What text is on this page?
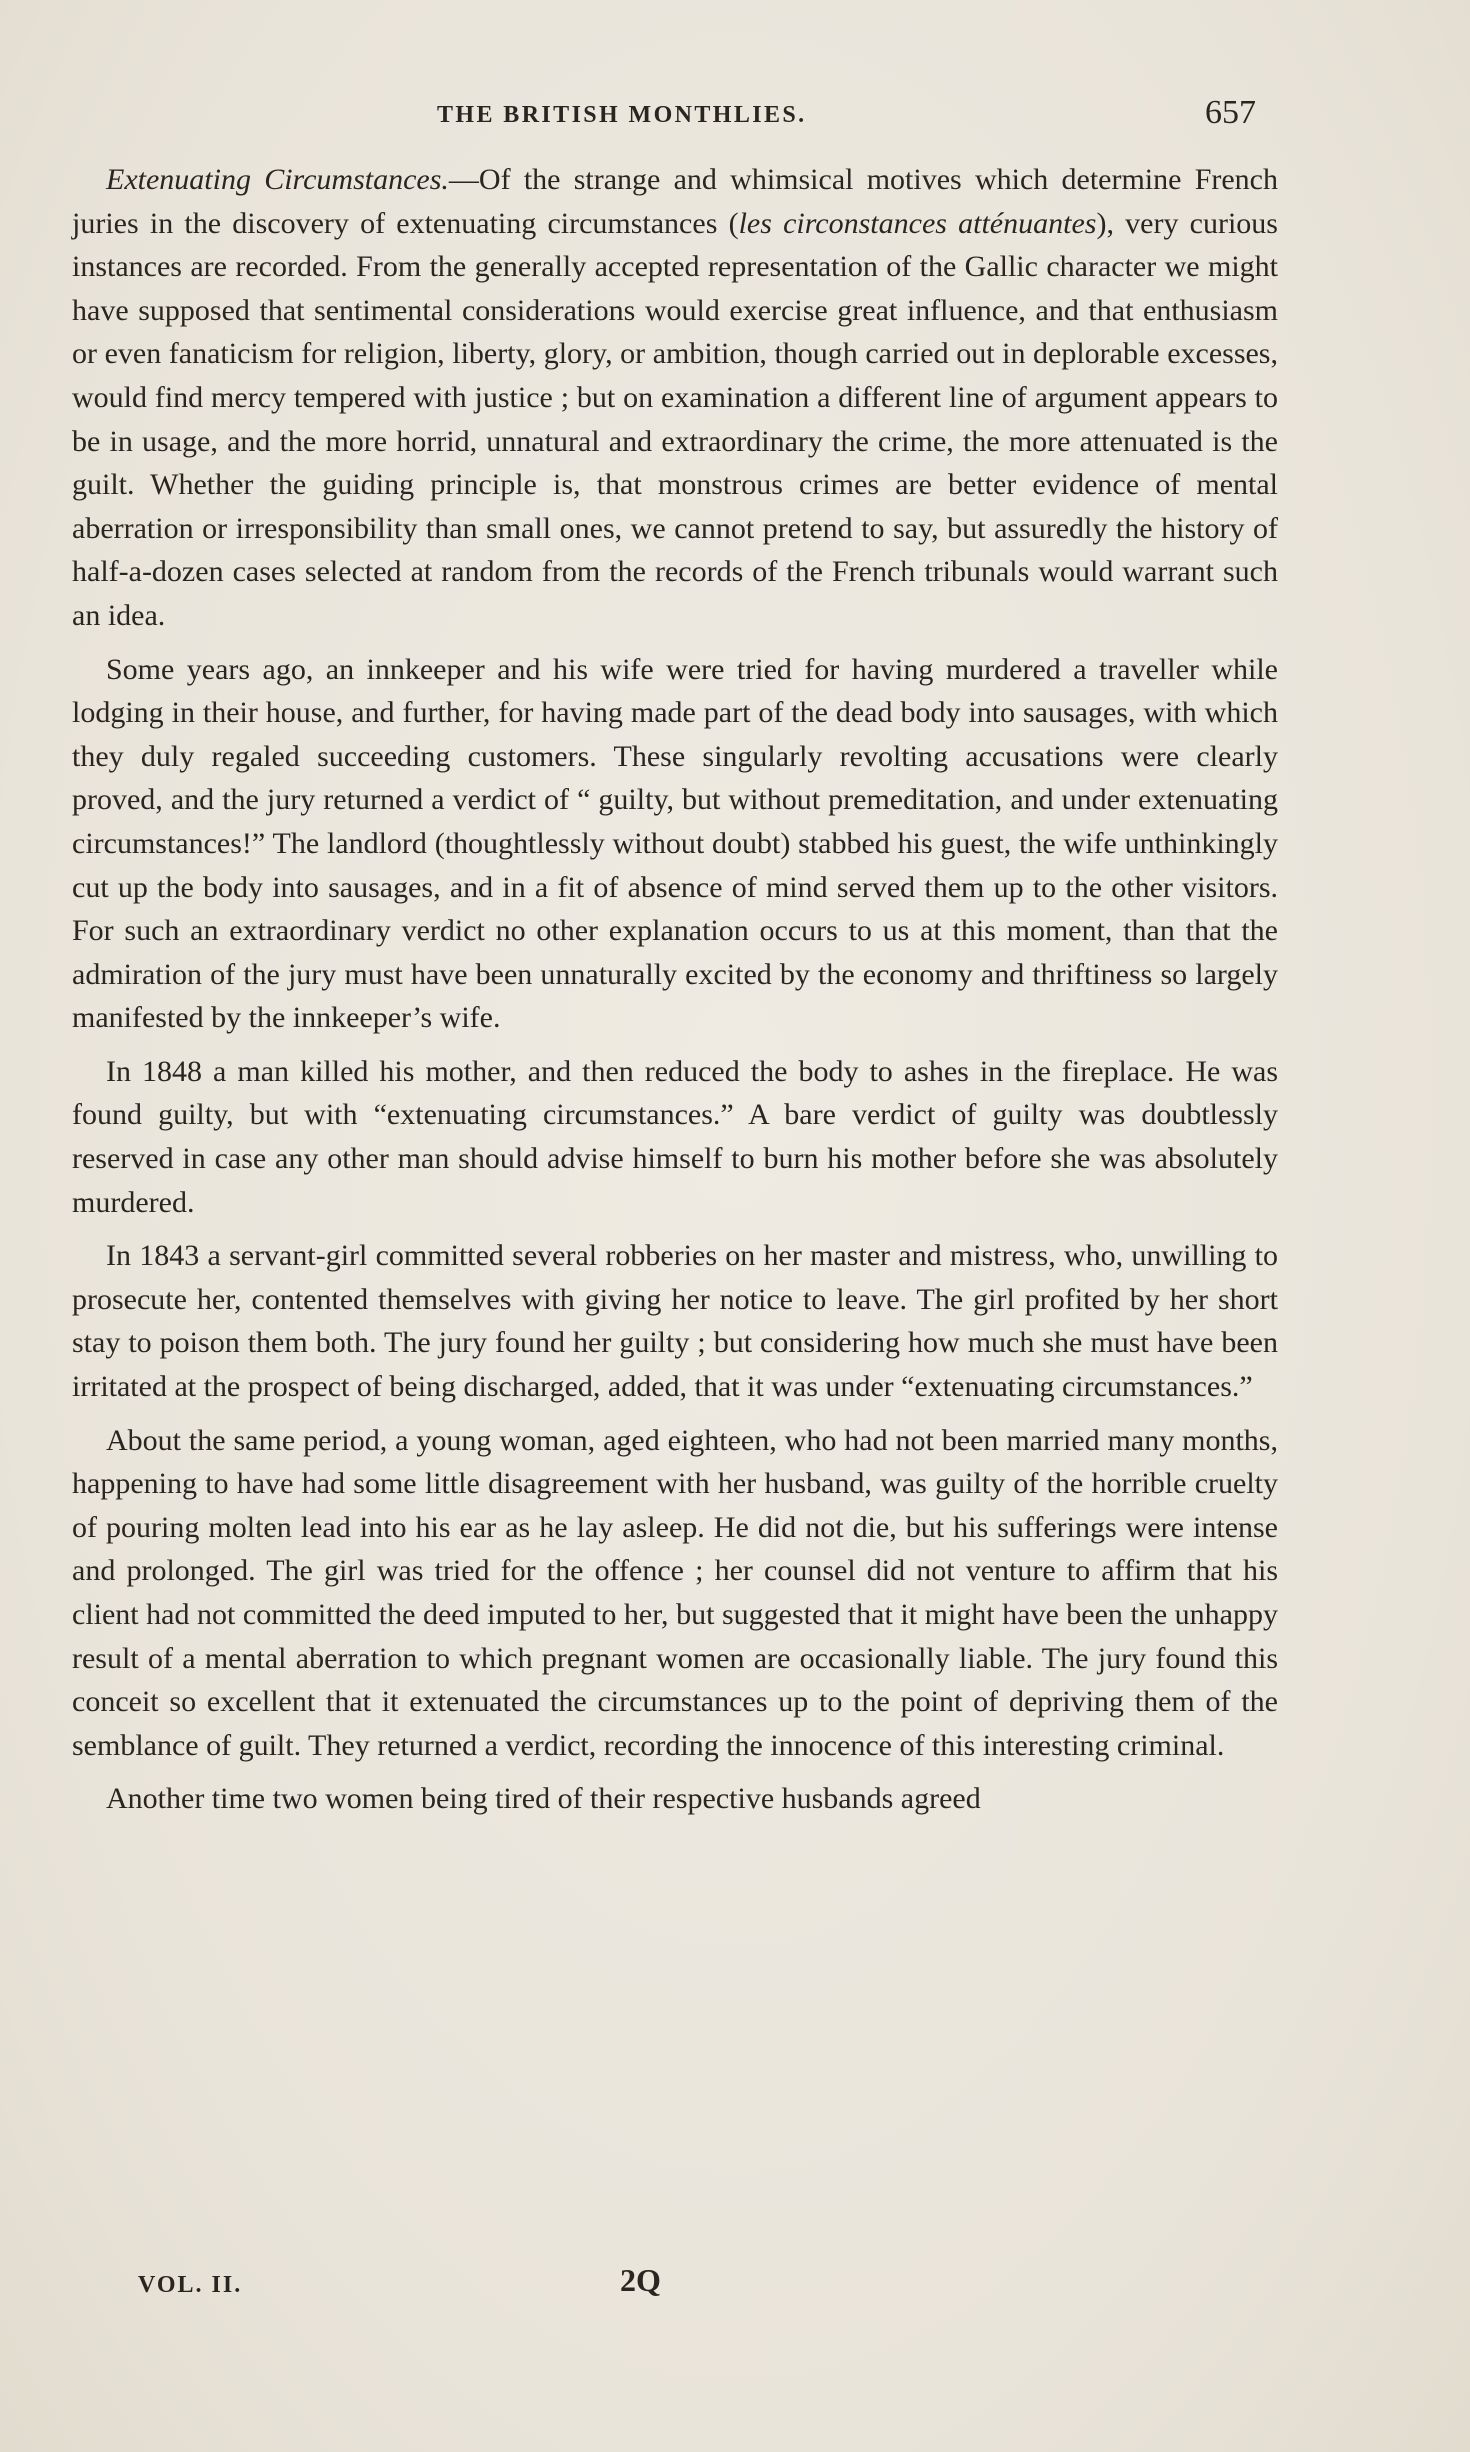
THE BRITISH MONTHLIES.	657

Extenuating Circumstances.—Of the strange and whimsical motives which determine French juries in the discovery of extenuating circumstances (les circonstances atténuantes), very curious instances are recorded. From the generally accepted representation of the Gallic character we might have supposed that sentimental considerations would exercise great influence, and that enthusiasm or even fanaticism for religion, liberty, glory, or ambition, though carried out in deplorable excesses, would find mercy tempered with justice ; but on examination a different line of argument appears to be in usage, and the more horrid, unnatural and extraordinary the crime, the more attenuated is the guilt. Whether the guiding principle is, that monstrous crimes are better evidence of mental aberration or irresponsibility than small ones, we cannot pretend to say, but assuredly the history of half-a-dozen cases selected at random from the records of the French tribunals would warrant such an idea.

Some years ago, an innkeeper and his wife were tried for having murdered a traveller while lodging in their house, and further, for having made part of the dead body into sausages, with which they duly regaled succeeding customers. These singularly revolting accusations were clearly proved, and the jury returned a verdict of “ guilty, but without premeditation, and under extenuating circumstances!” The landlord (thoughtlessly without doubt) stabbed his guest, the wife unthinkingly cut up the body into sausages, and in a fit of absence of mind served them up to the other visitors. For such an extraordinary verdict no other explanation occurs to us at this moment, than that the admiration of the jury must have been unnaturally excited by the economy and thriftiness so largely manifested by the innkeeper’s wife.

In 1848 a man killed his mother, and then reduced the body to ashes in the fireplace. He was found guilty, but with “extenuating circumstances.” A bare verdict of guilty was doubtlessly reserved in case any other man should advise himself to burn his mother before she was absolutely murdered.

In 1843 a servant-girl committed several robberies on her master and mistress, who, unwilling to prosecute her, contented themselves with giving her notice to leave. The girl profited by her short stay to poison them both. The jury found her guilty ; but considering how much she must have been irritated at the prospect of being discharged, added, that it was under “extenuating circumstances.”

About the same period, a young woman, aged eighteen, who had not been married many months, happening to have had some little disagreement with her husband, was guilty of the horrible cruelty of pouring molten lead into his ear as he lay asleep. He did not die, but his sufferings were intense and prolonged. The girl was tried for the offence ; her counsel did not venture to affirm that his client had not committed the deed imputed to her, but suggested that it might have been the unhappy result of a mental aberration to which pregnant women are occasionally liable. The jury found this conceit so excellent that it extenuated the circumstances up to the point of depriving them of the semblance of guilt. They returned a verdict, recording the innocence of this interesting criminal.

Another time two women being tired of their respective husbands agreed

VOL. II.	2Q
